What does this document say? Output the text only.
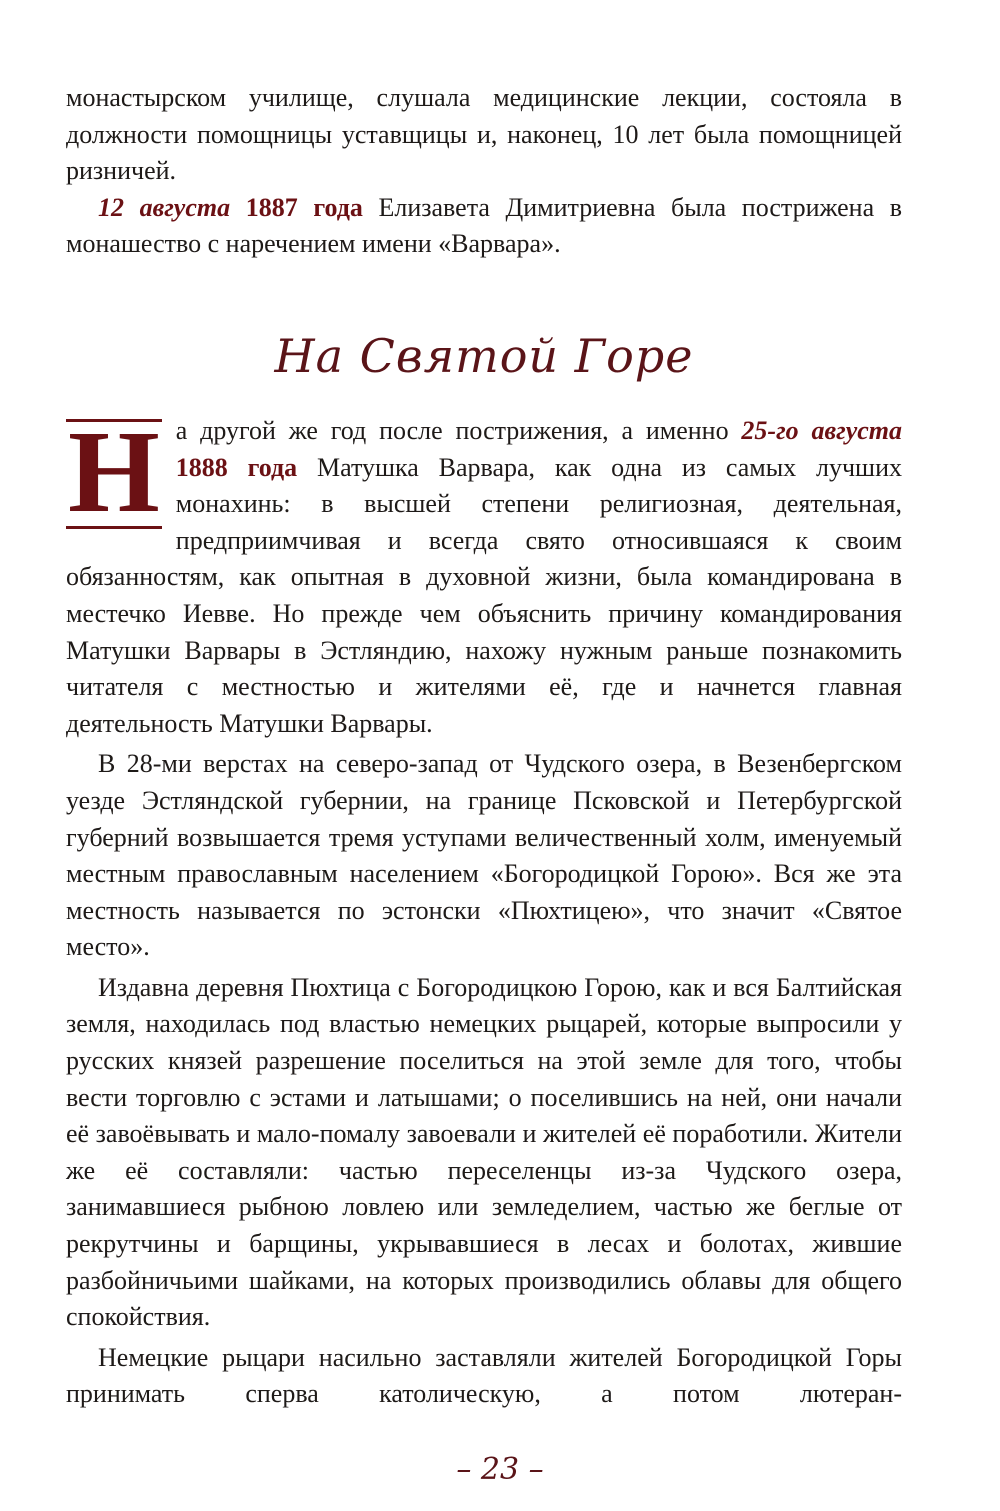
монастырском училище, слушала медицинские лекции, состояла в должности помощницы уставщицы и, наконец, 10 лет была помощницей ризничей.

12 августа 1887 года Елизавета Димитриевна была пострижена в монашество с наречением имени «Варвара».

На Святой Горе

Н а другой же год после пострижения, а именно 25-го августа 1888 года Матушка Варвара, как одна из самых лучших монахинь: в высшей степени религиозная, деятельная, предприимчивая и всегда свято относившаяся к своим обязанностям, как опытная в духовной жизни, была командирована в местечко Иевве. Но прежде чем объяснить причину командирования Матушки Варвары в Эстляндию, нахожу нужным раньше познакомить читателя с местностью и жителями её, где и начнется главная деятельность Матушки Варвары.

В 28-ми верстах на северо-запад от Чудского озера, в Везенбергском уезде Эстляндской губернии, на границе Псковской и Петербургской губерний возвышается тремя уступами величественный холм, именуемый местным православным населением «Богородицкой Горою». Вся же эта местность называется по эстонски «Пюхтицею», что значит «Святое место».

Издавна деревня Пюхтица с Богородицкою Горою, как и вся Балтийская земля, находилась под властью немецких рыцарей, которые выпросили у русских князей разрешение поселиться на этой земле для того, чтобы вести торговлю с эстами и латышами; о поселившись на ней, они начали её завоёвывать и мало-помалу завоевали и жителей её поработили. Жители же её составляли: частью переселенцы из-за Чудского озера, занимавшиеся рыбною ловлею или земледелием, частью же беглые от рекрутчины и барщины, укрывавшиеся в лесах и болотах, жившие разбойничьими шайками, на которых производились облавы для общего спокойствия.

Немецкие рыцари насильно заставляли жителей Богородицкой Горы принимать сперва католическую, а потом лютеран-

– 23 –
